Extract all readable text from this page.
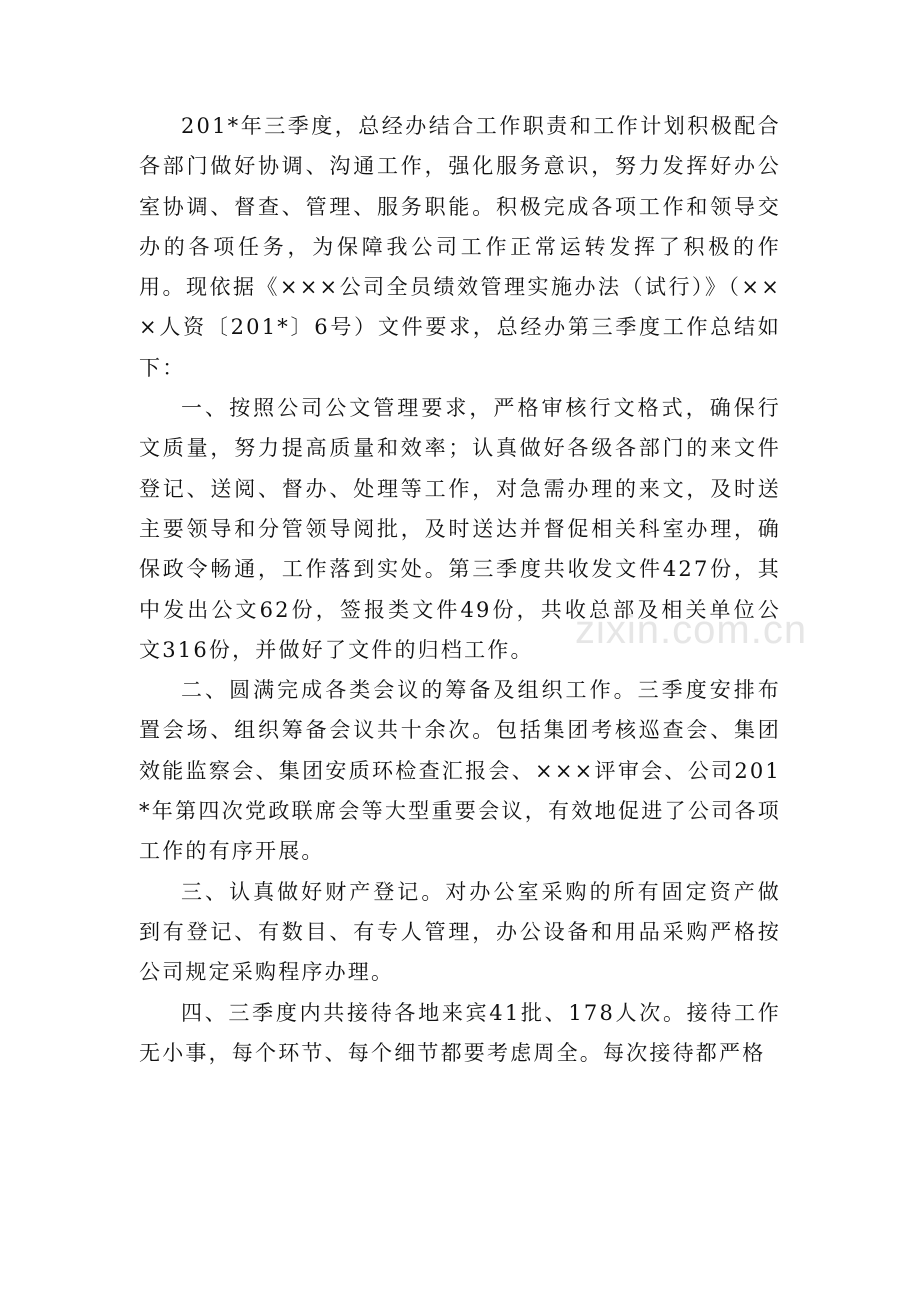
201*年三季度，总经办结合工作职责和工作计划积极配合各部门做好协调、沟通工作，强化服务意识，努力发挥好办公室协调、督查、管理、服务职能。积极完成各项工作和领导交办的各项任务，为保障我公司工作正常运转发挥了积极的作用。现依据《×××公司全员绩效管理实施办法（试行）》（×××人资〔201*〕6号）文件要求，总经办第三季度工作总结如下：

一、按照公司公文管理要求，严格审核行文格式，确保行文质量，努力提高质量和效率；认真做好各级各部门的来文件登记、送阅、督办、处理等工作，对急需办理的来文，及时送主要领导和分管领导阅批，及时送达并督促相关科室办理，确保政令畅通，工作落到实处。第三季度共收发文件427份，其中发出公文62份，签报类文件49份，共收总部及相关单位公文316份，并做好了文件的归档工作。

二、圆满完成各类会议的筹备及组织工作。三季度安排布置会场、组织筹备会议共十余次。包括集团考核巡查会、集团效能监察会、集团安质环检查汇报会、×××评审会、公司201*年第四次党政联席会等大型重要会议，有效地促进了公司各项工作的有序开展。

三、认真做好财产登记。对办公室采购的所有固定资产做到有登记、有数目、有专人管理，办公设备和用品采购严格按公司规定采购程序办理。

四、三季度内共接待各地来宾41批、178人次。接待工作无小事，每个环节、每个细节都要考虑周全。每次接待都严格

zixin.com.cn
